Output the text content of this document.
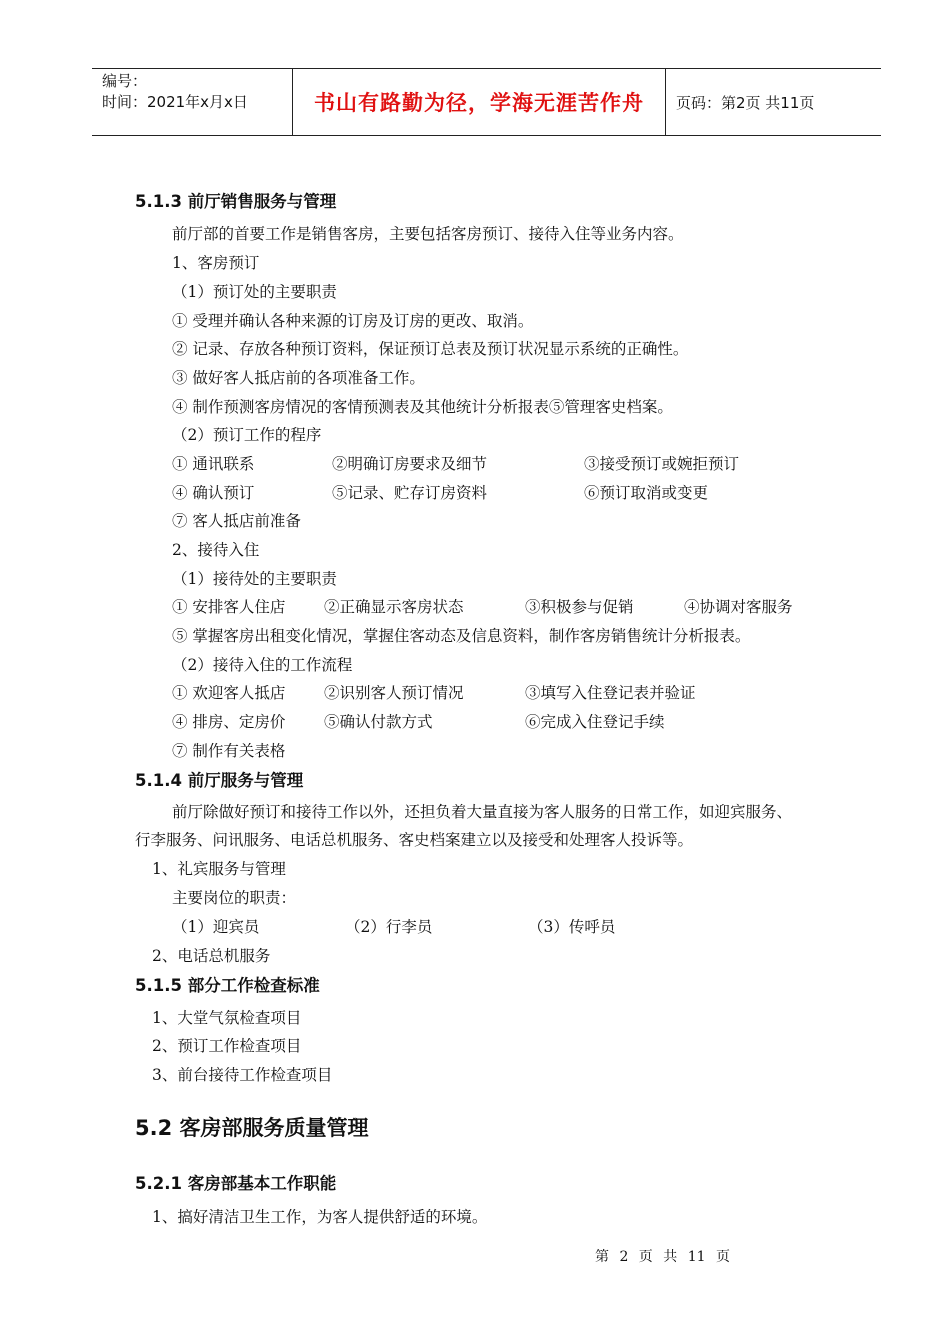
编号：
时间：2021年x月x日	书山有路勤为径，学海无涯苦作舟	页码：第2页 共11页
5.1.3 前厅销售服务与管理
前厅部的首要工作是销售客房，主要包括客房预订、接待入住等业务内容。
1、客房预订
（1）预订处的主要职责
① 受理并确认各种来源的订房及订房的更改、取消。
② 记录、存放各种预订资料，保证预订总表及预订状况显示系统的正确性。
③ 做好客人抵店前的各项准备工作。
④ 制作预测客房情况的客情预测表及其他统计分析报表⑤管理客史档案。
（2）预订工作的程序
① 通讯联系	②明确订房要求及细节	③接受预订或婉拒预订
④ 确认预订	⑤记录、贮存订房资料	⑥预订取消或变更
⑦ 客人抵店前准备
2、接待入住
（1）接待处的主要职责
① 安排客人住店 ②正确显示客房状态	③积极参与促销	④协调对客服务
⑤ 掌握客房出租变化情况，掌握住客动态及信息资料，制作客房销售统计分析报表。
（2）接待入住的工作流程
① 欢迎客人抵店 ②识别客人预订情况	③填写入住登记表并验证
④ 排房、定房价 ⑤确认付款方式	⑥完成入住登记手续
⑦ 制作有关表格
5.1.4 前厅服务与管理
前厅除做好预订和接待工作以外，还担负着大量直接为客人服务的日常工作，如迎宾服务、
行李服务、问讯服务、电话总机服务、客史档案建立以及接受和处理客人投诉等。
1、礼宾服务与管理
主要岗位的职责：
（1）迎宾员	（2）行李员	（3）传呼员
2、电话总机服务
5.1.5 部分工作检查标准
1、大堂气氛检查项目
2、预订工作检查项目
3、前台接待工作检查项目
5.2 客房部服务质量管理
5.2.1 客房部基本工作职能
1、搞好清洁卫生工作，为客人提供舒适的环境。
第 2 页 共 11 页
